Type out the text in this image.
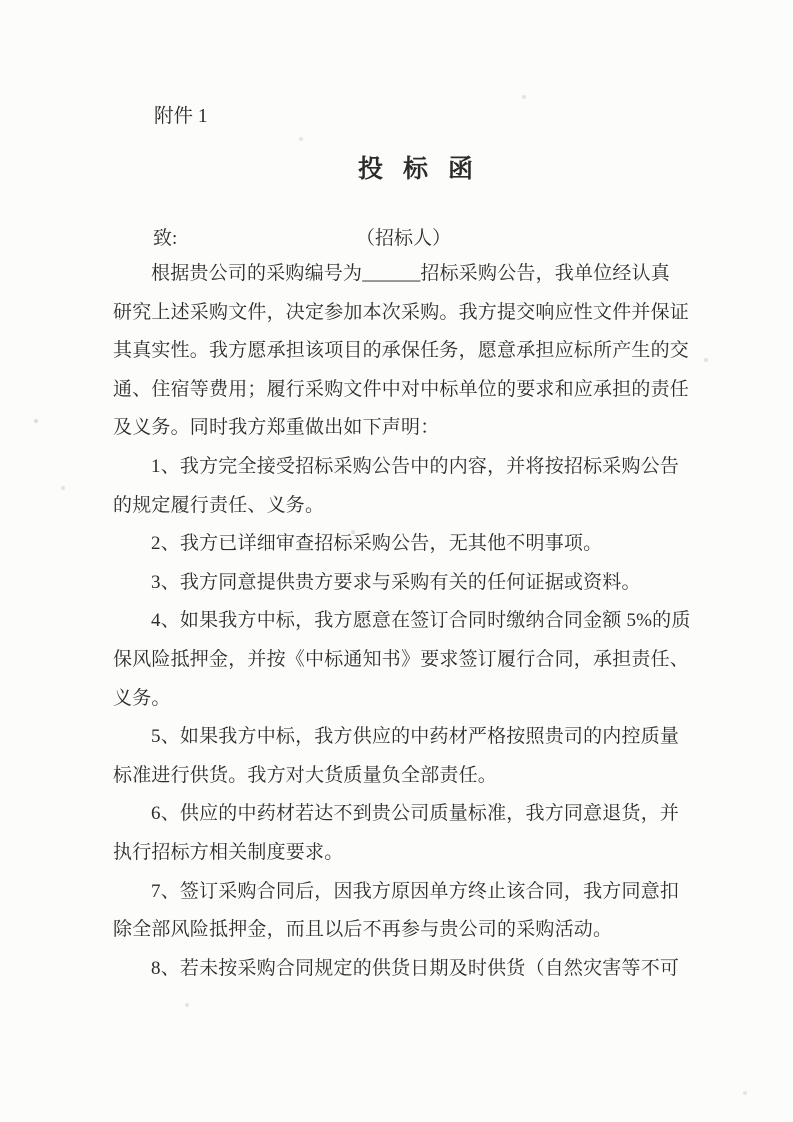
附件 1
投标函
致:	（招标人）
根据贵公司的采购编号为______招标采购公告，我单位经认真
研究上述采购文件，决定参加本次采购。我方提交响应性文件并保证
其真实性。我方愿承担该项目的承保任务，愿意承担应标所产生的交
通、住宿等费用；履行采购文件中对中标单位的要求和应承担的责任
及义务。同时我方郑重做出如下声明：
1、我方完全接受招标采购公告中的内容，并将按招标采购公告
的规定履行责任、义务。
2、我方已详细审查招标采购公告，无其他不明事项。
3、我方同意提供贵方要求与采购有关的任何证据或资料。
4、如果我方中标，我方愿意在签订合同时缴纳合同金额 5%的质
保风险抵押金，并按《中标通知书》要求签订履行合同，承担责任、
义务。
5、如果我方中标，我方供应的中药材严格按照贵司的内控质量
标准进行供货。我方对大货质量负全部责任。
6、供应的中药材若达不到贵公司质量标准，我方同意退货，并
执行招标方相关制度要求。
7、签订采购合同后，因我方原因单方终止该合同，我方同意扣
除全部风险抵押金，而且以后不再参与贵公司的采购活动。
8、若未按采购合同规定的供货日期及时供货（自然灾害等不可
